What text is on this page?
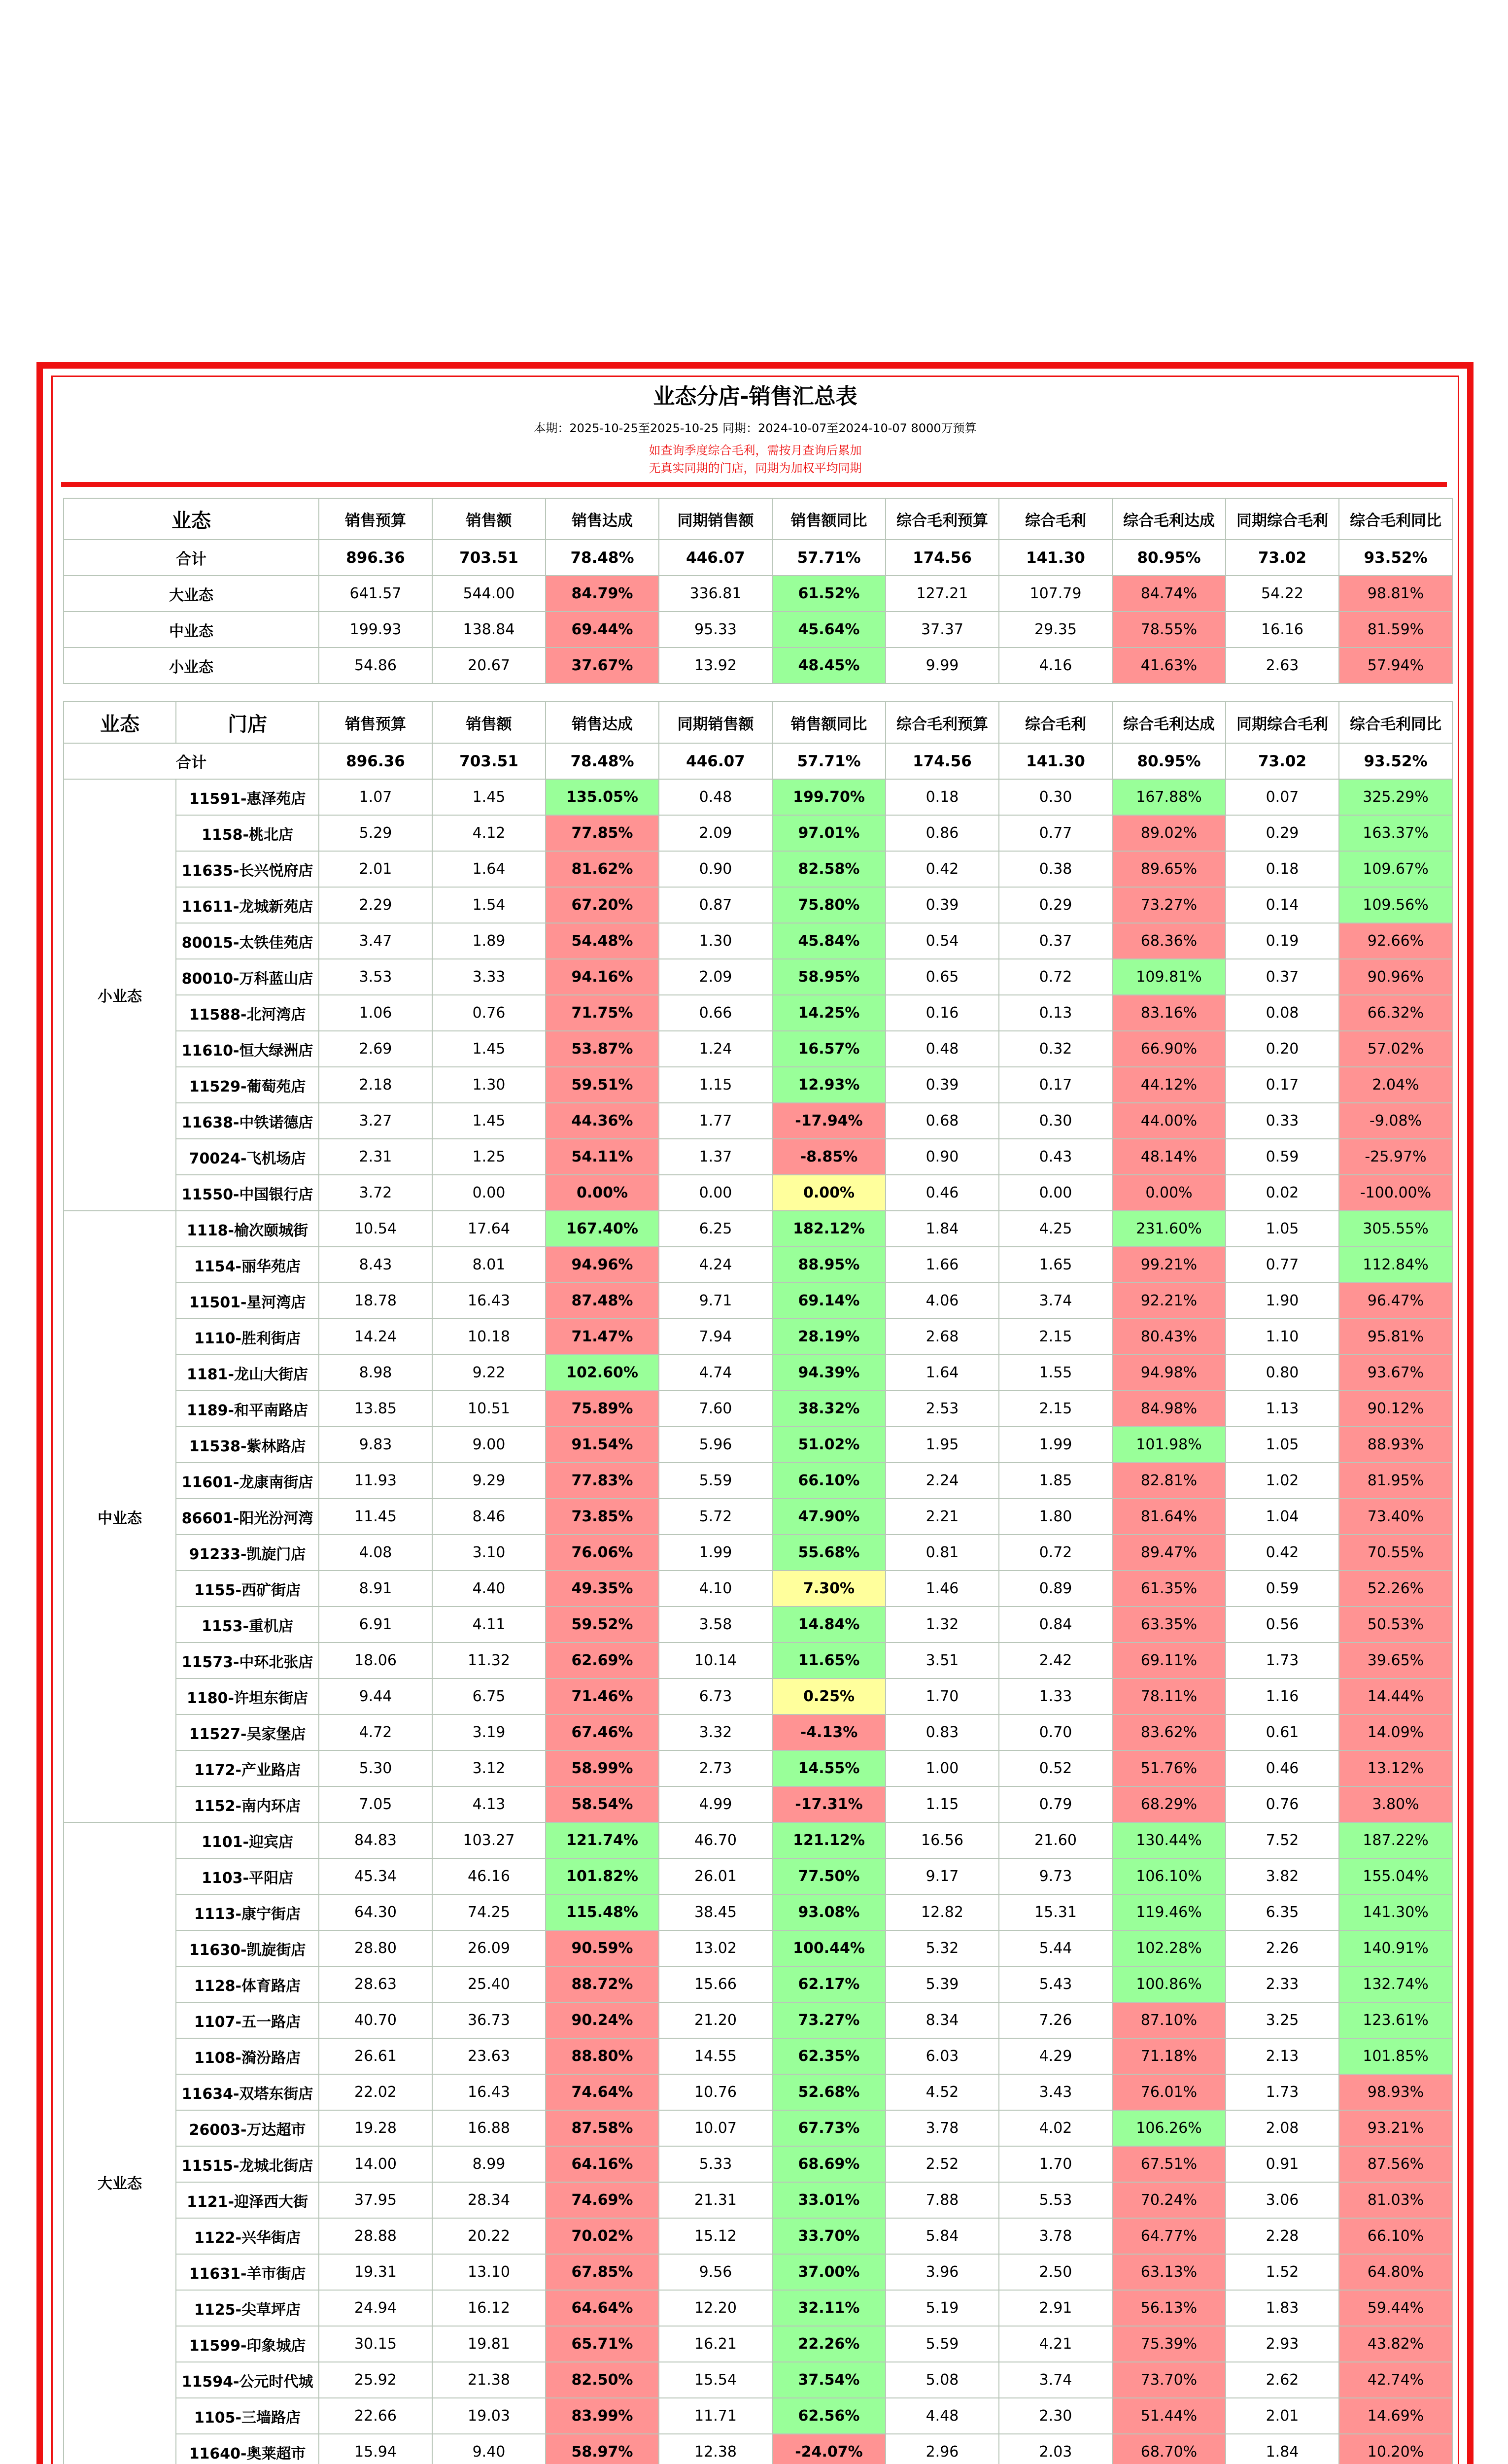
业态分店-销售汇总表
本期：2025-10-25至2025-10-25 同期：2024-10-07至2024-10-07 8000万预算
如查询季度综合毛利，需按月查询后累加
无真实同期的门店，同期为加权平均同期
业态	销售预算	销售额	销售达成	同期销售额	销售额同比	综合毛利预算	综合毛利	综合毛利达成	同期综合毛利	综合毛利同比
合计	896.36	703.51	78.48%	446.07	57.71%	174.56	141.30	80.95%	73.02	93.52%
大业态	641.57	544.00	84.79%	336.81	61.52%	127.21	107.79	84.74%	54.22	98.81%
中业态	199.93	138.84	69.44%	95.33	45.64%	37.37	29.35	78.55%	16.16	81.59%
小业态	54.86	20.67	37.67%	13.92	48.45%	9.99	4.16	41.63%	2.63	57.94%
业态	门店	销售预算	销售额	销售达成	同期销售额	销售额同比	综合毛利预算	综合毛利	综合毛利达成	同期综合毛利	综合毛利同比
合计		896.36	703.51	78.48%	446.07	57.71%	174.56	141.30	80.95%	73.02	93.52%
小业态	11591-惠泽苑店	1.07	1.45	135.05%	0.48	199.70%	0.18	0.30	167.88%	0.07	325.29%
	1158-桃北店	5.29	4.12	77.85%	2.09	97.01%	0.86	0.77	89.02%	0.29	163.37%
	11635-长兴悦府店	2.01	1.64	81.62%	0.90	82.58%	0.42	0.38	89.65%	0.18	109.67%
	11611-龙城新苑店	2.29	1.54	67.20%	0.87	75.80%	0.39	0.29	73.27%	0.14	109.56%
	80015-太铁佳苑店	3.47	1.89	54.48%	1.30	45.84%	0.54	0.37	68.36%	0.19	92.66%
	80010-万科蓝山店	3.53	3.33	94.16%	2.09	58.95%	0.65	0.72	109.81%	0.37	90.96%
	11588-北河湾店	1.06	0.76	71.75%	0.66	14.25%	0.16	0.13	83.16%	0.08	66.32%
	11610-恒大绿洲店	2.69	1.45	53.87%	1.24	16.57%	0.48	0.32	66.90%	0.20	57.02%
	11529-葡萄苑店	2.18	1.30	59.51%	1.15	12.93%	0.39	0.17	44.12%	0.17	2.04%
	11638-中铁诺德店	3.27	1.45	44.36%	1.77	-17.94%	0.68	0.30	44.00%	0.33	-9.08%
	70024-飞机场店	2.31	1.25	54.11%	1.37	-8.85%	0.90	0.43	48.14%	0.59	-25.97%
	11550-中国银行店	3.72	0.00	0.00%	0.00	0.00%	0.46	0.00	0.00%	0.02	-100.00%
中业态	1118-榆次颐城街	10.54	17.64	167.40%	6.25	182.12%	1.84	4.25	231.60%	1.05	305.55%
	1154-丽华苑店	8.43	8.01	94.96%	4.24	88.95%	1.66	1.65	99.21%	0.77	112.84%
	11501-星河湾店	18.78	16.43	87.48%	9.71	69.14%	4.06	3.74	92.21%	1.90	96.47%
	1110-胜利街店	14.24	10.18	71.47%	7.94	28.19%	2.68	2.15	80.43%	1.10	95.81%
	1181-龙山大街店	8.98	9.22	102.60%	4.74	94.39%	1.64	1.55	94.98%	0.80	93.67%
	1189-和平南路店	13.85	10.51	75.89%	7.60	38.32%	2.53	2.15	84.98%	1.13	90.12%
	11538-紫林路店	9.83	9.00	91.54%	5.96	51.02%	1.95	1.99	101.98%	1.05	88.93%
	11601-龙康南街店	11.93	9.29	77.83%	5.59	66.10%	2.24	1.85	82.81%	1.02	81.95%
	86601-阳光汾河湾	11.45	8.46	73.85%	5.72	47.90%	2.21	1.80	81.64%	1.04	73.40%
	91233-凯旋门店	4.08	3.10	76.06%	1.99	55.68%	0.81	0.72	89.47%	0.42	70.55%
	1155-西矿街店	8.91	4.40	49.35%	4.10	7.30%	1.46	0.89	61.35%	0.59	52.26%
	1153-重机店	6.91	4.11	59.52%	3.58	14.84%	1.32	0.84	63.35%	0.56	50.53%
	11573-中环北张店	18.06	11.32	62.69%	10.14	11.65%	3.51	2.42	69.11%	1.73	39.65%
	1180-许坦东街店	9.44	6.75	71.46%	6.73	0.25%	1.70	1.33	78.11%	1.16	14.44%
	11527-吴家堡店	4.72	3.19	67.46%	3.32	-4.13%	0.83	0.70	83.62%	0.61	14.09%
	1172-产业路店	5.30	3.12	58.99%	2.73	14.55%	1.00	0.52	51.76%	0.46	13.12%
	1152-南内环店	7.05	4.13	58.54%	4.99	-17.31%	1.15	0.79	68.29%	0.76	3.80%
大业态	1101-迎宾店	84.83	103.27	121.74%	46.70	121.12%	16.56	21.60	130.44%	7.52	187.22%
	1103-平阳店	45.34	46.16	101.82%	26.01	77.50%	9.17	9.73	106.10%	3.82	155.04%
	1113-康宁街店	64.30	74.25	115.48%	38.45	93.08%	12.82	15.31	119.46%	6.35	141.30%
	11630-凯旋街店	28.80	26.09	90.59%	13.02	100.44%	5.32	5.44	102.28%	2.26	140.91%
	1128-体育路店	28.63	25.40	88.72%	15.66	62.17%	5.39	5.43	100.86%	2.33	132.74%
	1107-五一路店	40.70	36.73	90.24%	21.20	73.27%	8.34	7.26	87.10%	3.25	123.61%
	1108-漪汾路店	26.61	23.63	88.80%	14.55	62.35%	6.03	4.29	71.18%	2.13	101.85%
	11634-双塔东街店	22.02	16.43	74.64%	10.76	52.68%	4.52	3.43	76.01%	1.73	98.93%
	26003-万达超市	19.28	16.88	87.58%	10.07	67.73%	3.78	4.02	106.26%	2.08	93.21%
	11515-龙城北街店	14.00	8.99	64.16%	5.33	68.69%	2.52	1.70	67.51%	0.91	87.56%
	1121-迎泽西大街	37.95	28.34	74.69%	21.31	33.01%	7.88	5.53	70.24%	3.06	81.03%
	1122-兴华街店	28.88	20.22	70.02%	15.12	33.70%	5.84	3.78	64.77%	2.28	66.10%
	11631-羊市街店	19.31	13.10	67.85%	9.56	37.00%	3.96	2.50	63.13%	1.52	64.80%
	1125-尖草坪店	24.94	16.12	64.64%	12.20	32.11%	5.19	2.91	56.13%	1.83	59.44%
	11599-印象城店	30.15	19.81	65.71%	16.21	22.26%	5.59	4.21	75.39%	2.93	43.82%
	11594-公元时代城	25.92	21.38	82.50%	15.54	37.54%	5.08	3.74	73.70%	2.62	42.74%
	1105-三墙路店	22.66	19.03	83.99%	11.71	62.56%	4.48	2.30	51.44%	2.01	14.69%
	11640-奥莱超市	15.94	9.40	58.97%	12.38	-24.07%	2.96	2.03	68.70%	1.84	10.20%
